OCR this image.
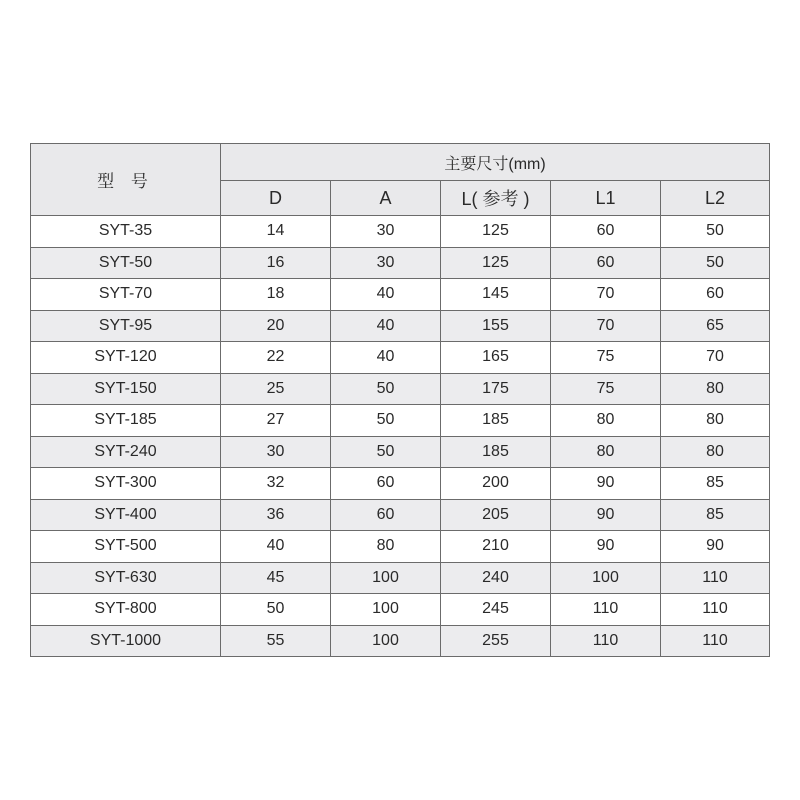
型 号	主要尺寸(mm)				
	D	A	L( 参考 )	L1	L2
SYT-35	14	30	125	60	50
SYT-50	16	30	125	60	50
SYT-70	18	40	145	70	60
SYT-95	20	40	155	70	65
SYT-120	22	40	165	75	70
SYT-150	25	50	175	75	80
SYT-185	27	50	185	80	80
SYT-240	30	50	185	80	80
SYT-300	32	60	200	90	85
SYT-400	36	60	205	90	85
SYT-500	40	80	210	90	90
SYT-630	45	100	240	100	110
SYT-800	50	100	245	110	110
SYT-1000	55	100	255	110	110
